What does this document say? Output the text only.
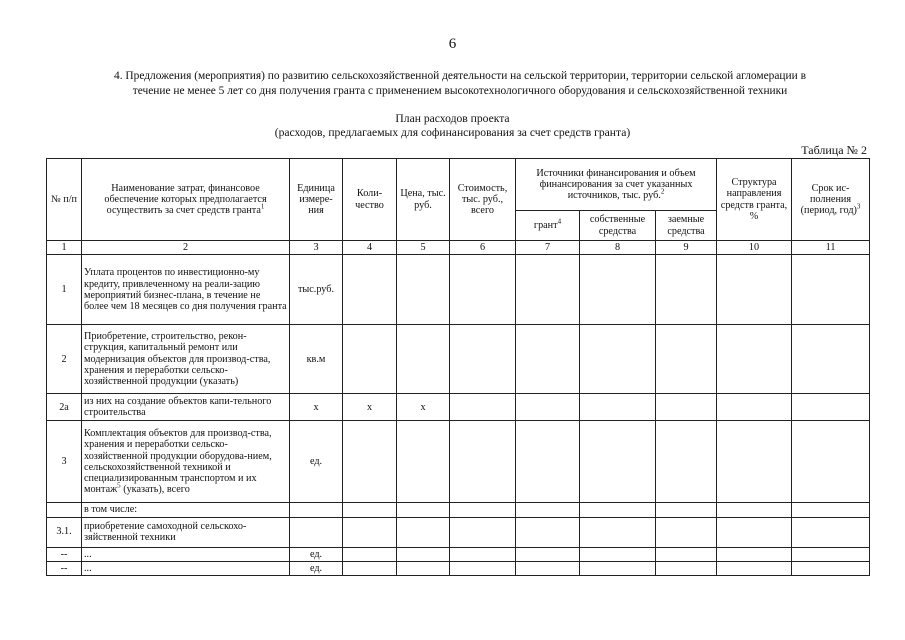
6
4. Предложения (мероприятия) по развитию сельскохозяйственной деятельности на сельской территории, территории сельской агломерации в
течение не менее 5 лет со дня получения гранта с применением высокотехнологичного оборудования и сельскохозяйственной техники
План расходов проекта
(расходов, предлагаемых для софинансирования за счет средств гранта)
Таблица № 2
№ п/п	Наименование затрат, финансовое обеспечение которых предполагается осуществить за счет средств гранта$^1$	Единица измере-ния	Коли-чество	Цена, тыс. руб.	Стоимость, тыс. руб., всего	Источники финансирования и объем финансирования за счет указанных источников, тыс. руб.$^2$			Структура направления средств гранта, %	Срок ис-полнения (период, год)$^3$
						грант$^4$	собственные средства	заемные средства		
1	2	3	4	5	6	7	8	9	10	11
1	Уплата процентов по инвестиционно-му кредиту, привлеченному на реали-зацию мероприятий бизнес-плана, в течение не более чем 18 месяцев со дня получения гранта	тыс.руб.								
2	Приобретение, строительство, рекон-струкция, капитальный ремонт или модернизация объектов для производ-ства, хранения и переработки сельско-хозяйственной продукции (указать)	кв.м								
2а	из них на создание объектов капи-тельного строительства	х	х	х						
3	Комплектация объектов для производ-ства, хранения и переработки сельско-хозяйственной продукции оборудова-нием, сельскохозяйственной техникой и специализированным транспортом и их монтаж$^5$ (указать), всего	ед.								
	в том числе:									
3.1.	приобретение самоходной сельскохо-зяйственной техники									
--	...	ед.								
--	...	ед.								
